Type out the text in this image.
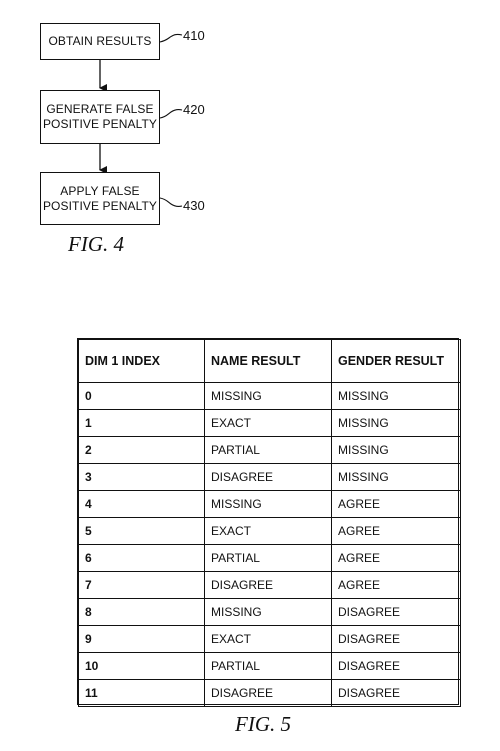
OBTAIN RESULTS
GENERATE FALSE
POSITIVE PENALTY
APPLY FALSE
POSITIVE PENALTY
410
420
430
FIG. 4
DIM 1 INDEX	NAME RESULT	GENDER RESULT
0	MISSING	MISSING
1	EXACT	MISSING
2	PARTIAL	MISSING
3	DISAGREE	MISSING
4	MISSING	AGREE
5	EXACT	AGREE
6	PARTIAL	AGREE
7	DISAGREE	AGREE
8	MISSING	DISAGREE
9	EXACT	DISAGREE
10	PARTIAL	DISAGREE
11	DISAGREE	DISAGREE
FIG. 5
